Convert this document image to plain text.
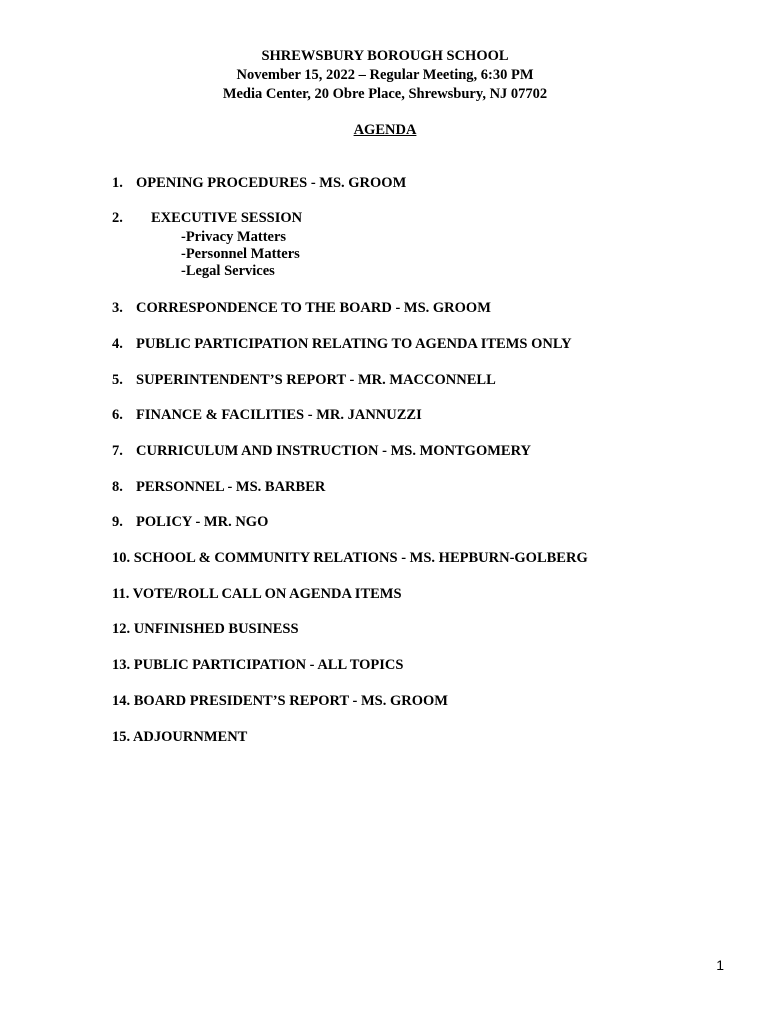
SHREWSBURY BOROUGH SCHOOL
November 15, 2022 – Regular Meeting, 6:30 PM
Media Center, 20 Obre Place, Shrewsbury, NJ 07702
AGENDA
1. OPENING PROCEDURES - MS. GROOM
2. EXECUTIVE SESSION
-Privacy Matters
-Personnel Matters
-Legal Services
3. CORRESPONDENCE TO THE BOARD - MS. GROOM
4. PUBLIC PARTICIPATION RELATING TO AGENDA ITEMS ONLY
5. SUPERINTENDENT’S REPORT - MR. MACCONNELL
6. FINANCE & FACILITIES - MR. JANNUZZI
7. CURRICULUM AND INSTRUCTION - MS. MONTGOMERY
8. PERSONNEL - MS. BARBER
9. POLICY - MR. NGO
10. SCHOOL & COMMUNITY RELATIONS - MS. HEPBURN-GOLBERG
11. VOTE/ROLL CALL ON AGENDA ITEMS
12. UNFINISHED BUSINESS
13. PUBLIC PARTICIPATION - ALL TOPICS
14. BOARD PRESIDENT’S REPORT - MS. GROOM
15. ADJOURNMENT
1
